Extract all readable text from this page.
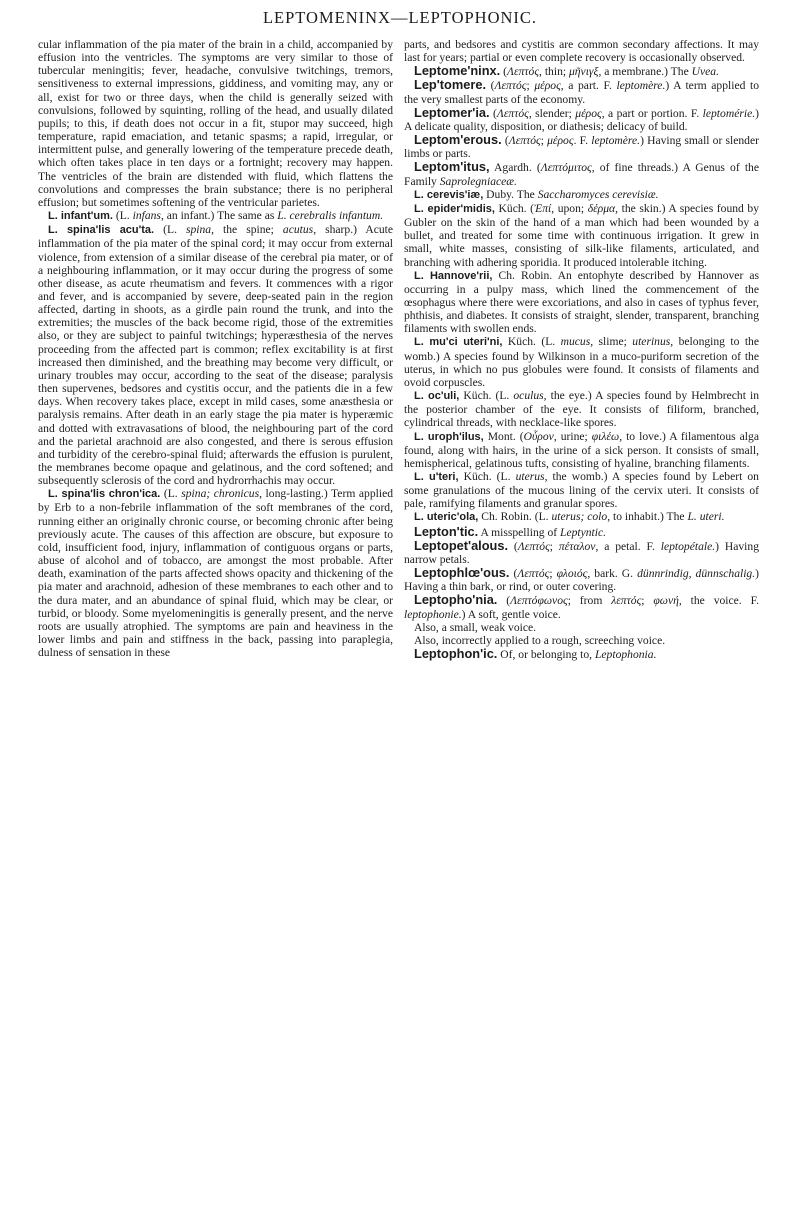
LEPTOMENINX—LEPTOPHONIC.

cular inflammation of the pia mater of the brain in a child, accompanied by effusion into the ventricles. The symptoms are very similar to those of tubercular meningitis; fever, headache, convulsive twitchings, tremors, sensitiveness to external impressions, giddiness, and vomiting may, any or all, exist for two or three days, when the child is generally seized with convulsions, followed by squinting, rolling of the head, and usually dilated pupils; to this, if death does not occur in a fit, stupor may succeed, high temperature, rapid emaciation, and tetanic spasms; a rapid, irregular, or intermittent pulse, and generally lowering of the temperature precede death, which often takes place in ten days or a fortnight; recovery may happen. The ventricles of the brain are distended with fluid, which flattens the convolutions and compresses the brain substance; there is no peripheral effusion; but sometimes softening of the ventricular parietes.

L. infant'um. (L. infans, an infant.) The same as L. cerebralis infantum.

L. spina'lis acu'ta. (L. spina, the spine; acutus, sharp.) Acute inflammation of the pia mater of the spinal cord; it may occur from external violence, from extension of a similar disease of the cerebral pia mater, or of a neighbouring inflammation, or it may occur during the progress of some other disease, as acute rheumatism and fevers. It commences with a rigor and fever, and is accompanied by severe, deep-seated pain in the region affected, darting in shoots, as a girdle pain round the trunk, and into the extremities; the muscles of the back become rigid, those of the extremities also, or they are subject to painful twitchings; hyperæsthesia of the nerves proceeding from the affected part is common; reflex excitability is at first increased then diminished, and the breathing may become very difficult, or urinary troubles may occur, according to the seat of the disease; paralysis then supervenes, bedsores and cystitis occur, and the patients die in a few days. When recovery takes place, except in mild cases, some anæsthesia or paralysis remains. After death in an early stage the pia mater is hyperæmic and dotted with extravasations of blood, the neighbouring part of the cord and the parietal arachnoid are also congested, and there is serous effusion and turbidity of the cerebro-spinal fluid; afterwards the effusion is purulent, the membranes become opaque and gelatinous, and the cord softened; and subsequently sclerosis of the cord and hydrorrhachis may occur.

L. spina'lis chron'ica. (L. spina; chronicus, long-lasting.) Term applied by Erb to a non-febrile inflammation of the soft membranes of the cord, running either an originally chronic course, or becoming chronic after being previously acute. The causes of this affection are obscure, but exposure to cold, insufficient food, injury, inflammation of contiguous organs or parts, abuse of alcohol and of tobacco, are amongst the most probable. After death, examination of the parts affected shows opacity and thickening of the pia mater and arachnoid, adhesion of these membranes to each other and to the dura mater, and an abundance of spinal fluid, which may be clear, or turbid, or bloody. Some myelomeningitis is generally present, and the nerve roots are usually atrophied. The symptoms are pain and heaviness in the lower limbs and pain and stiffness in the back, passing into paraplegia, dulness of sensation in these

parts, and bedsores and cystitis are common secondary affections. It may last for years; partial or even complete recovery is occasionally observed.

Leptome'ninx. (Λεπτός, thin; μῆνιγξ, a membrane.) The Uvea.

Lep'tomere. (Λεπτός; μέρος, a part. F. leptomère.) A term applied to the very smallest parts of the economy.

Leptomer'ia. (Λεπτός, slender; μέρος, a part or portion. F. leptomérie.) A delicate quality, disposition, or diathesis; delicacy of build.

Leptom'erous. (Λεπτός; μέρος. F. leptomère.) Having small or slender limbs or parts.

Leptom'itus, Agardh. (Λεπτόμιτος, of fine threads.) A Genus of the Family Saprolegniaceæ.

L. cerevis'iæ, Duby. The Saccharomyces cerevisiæ.

L. epider'midis, Küch. (Ἐπί, upon; δέρμα, the skin.) A species found by Gubler on the skin of the hand of a man which had been wounded by a bullet, and treated for some time with continuous irrigation. It grew in small, white masses, consisting of silk-like filaments, articulated, and branching with adhering sporidia. It produced intolerable itching.

L. Hannove'rii, Ch. Robin. An entophyte described by Hannover as occurring in a pulpy mass, which lined the commencement of the œsophagus where there were excoriations, and also in cases of typhus fever, phthisis, and diabetes. It consists of straight, slender, transparent, branching filaments with swollen ends.

L. mu'ci uteri'ni, Küch. (L. mucus, slime; uterinus, belonging to the womb.) A species found by Wilkinson in a muco-puriform secretion of the uterus, in which no pus globules were found. It consists of filaments and ovoid corpuscles.

L. oc'uli, Küch. (L. oculus, the eye.) A species found by Helmbrecht in the posterior chamber of the eye. It consists of filiform, branched, cylindrical threads, with necklace-like spores.

L. uroph'ilus, Mont. (Οὖρον, urine; φιλέω, to love.) A filamentous alga found, along with hairs, in the urine of a sick person. It consists of small, hemispherical, gelatinous tufts, consisting of hyaline, branching filaments.

L. u'teri, Küch. (L. uterus, the womb.) A species found by Lebert on some granulations of the mucous lining of the cervix uteri. It consists of pale, ramifying filaments and granular spores.

L. uteric'ola, Ch. Robin. (L. uterus; colo, to inhabit.) The L. uteri.

Lepton'tic. A misspelling of Leptyntic.

Leptopet'alous. (Λεπτός; πέταλον, a petal. F. leptopétale.) Having narrow petals.

Leptophlœ'ous. (Λεπτός; φλοιός, bark. G. dünnrindig, dünnschalig.) Having a thin bark, or rind, or outer covering.

Leptopho'nia. (Λεπτόφωνος; from λεπτός; φωνή, the voice. F. leptophonie.) A soft, gentle voice.

Also, a small, weak voice.

Also, incorrectly applied to a rough, screeching voice.

Leptophon'ic. Of, or belonging to, Leptophonia.
